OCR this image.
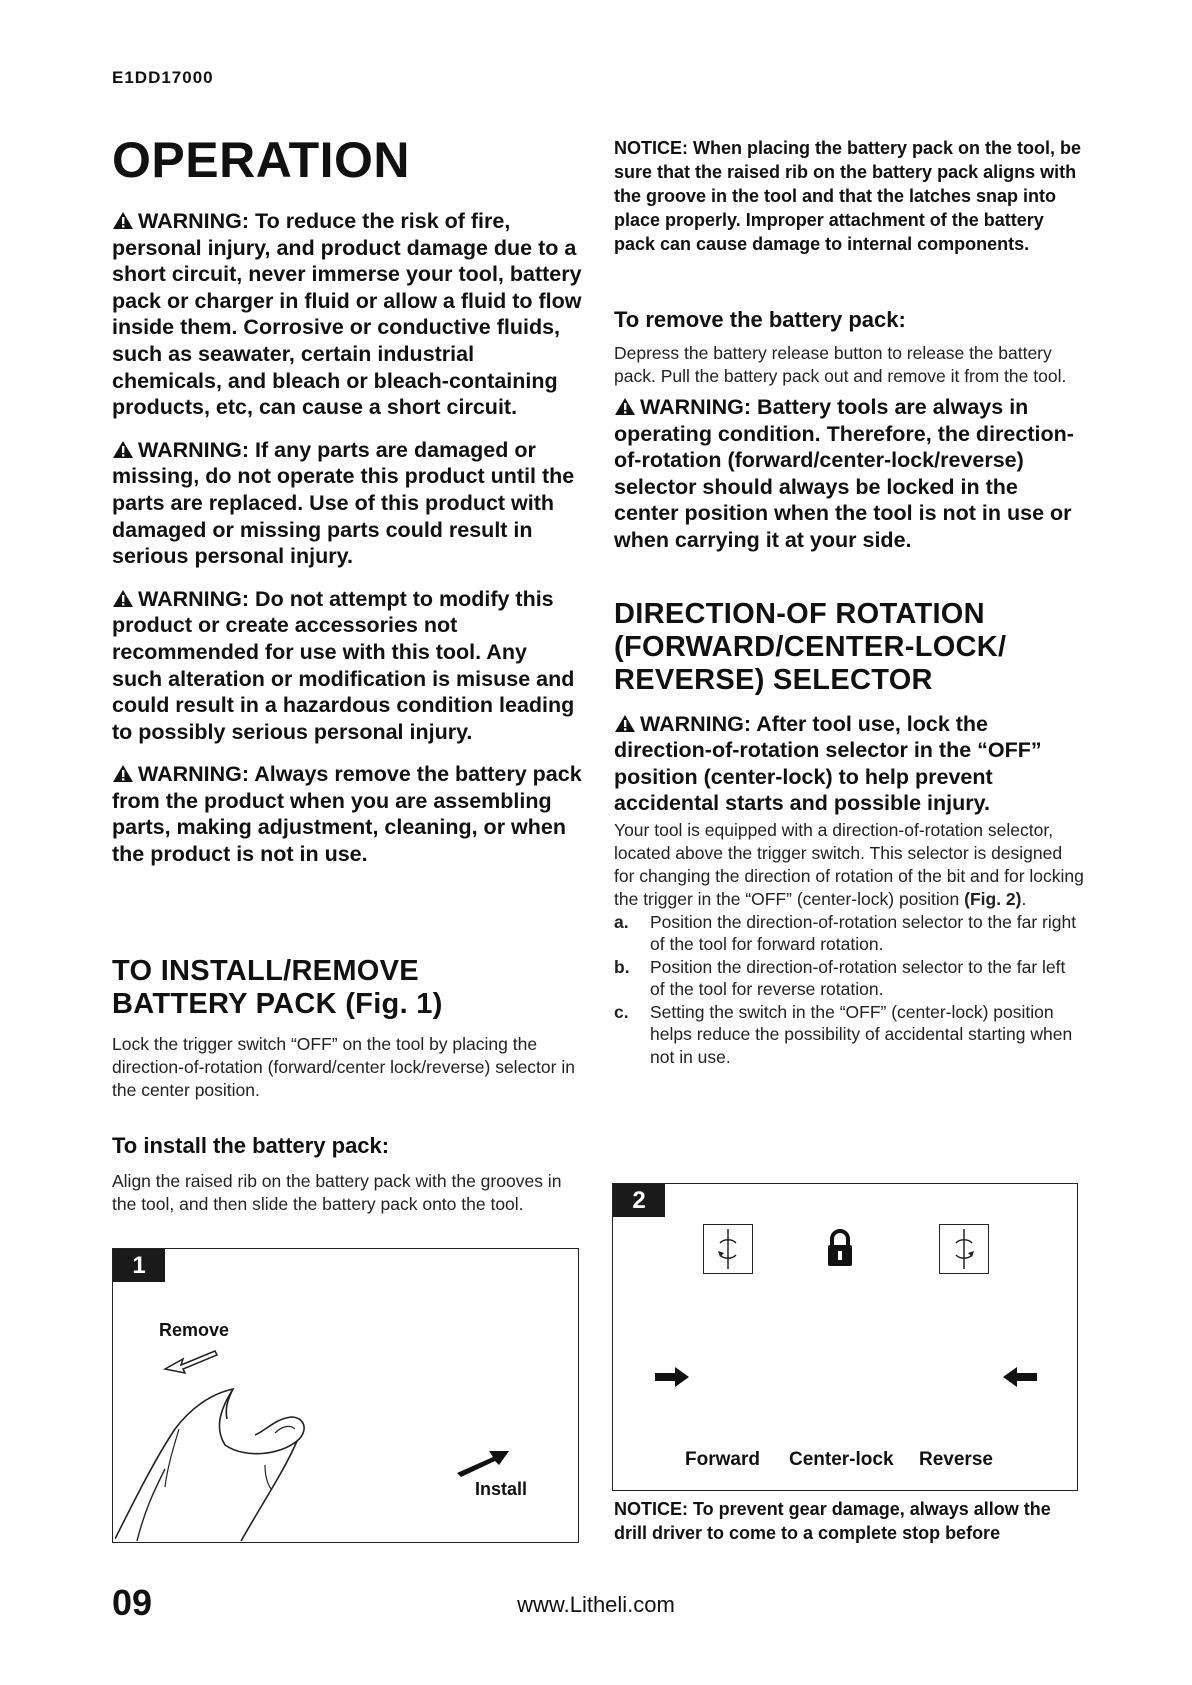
E1DD17000
OPERATION

WARNING: To reduce the risk of fire, personal injury, and product damage due to a short circuit, never immerse your tool, battery pack or charger in fluid or allow a fluid to flow inside them. Corrosive or conductive fluids, such as seawater, certain industrial chemicals, and bleach or bleach-containing products, etc, can cause a short circuit.

WARNING: If any parts are damaged or missing, do not operate this product until the parts are replaced. Use of this product with damaged or missing parts could result in serious personal injury.

WARNING: Do not attempt to modify this product or create accessories not recommended for use with this tool. Any such alteration or modification is misuse and could result in a hazardous condition leading to possibly serious personal injury.

WARNING: Always remove the battery pack from the product when you are assembling parts, making adjustment, cleaning, or when the product is not in use.

TO INSTALL/REMOVE
BATTERY PACK (Fig. 1)

Lock the trigger switch “OFF” on the tool by placing the direction-of-rotation (forward/center lock/reverse) selector in the center position.

To install the battery pack:

Align the raised rib on the battery pack with the grooves in the tool, and then slide the battery pack onto the tool.

1
Remove
Install

NOTICE: When placing the battery pack on the tool, be sure that the raised rib on the battery pack aligns with the groove in the tool and that the latches snap into place properly. Improper attachment of the battery pack can cause damage to internal components.

To remove the battery pack:

Depress the battery release button to release the battery pack. Pull the battery pack out and remove it from the tool.

WARNING: Battery tools are always in operating condition. Therefore, the direction-of-rotation (forward/center-lock/reverse) selector should always be locked in the center position when the tool is not in use or when carrying it at your side.

DIRECTION-OF ROTATION
(FORWARD/CENTER-LOCK/
REVERSE) SELECTOR

WARNING: After tool use, lock the direction-of-rotation selector in the “OFF” position (center-lock) to help prevent accidental starts and possible injury.

Your tool is equipped with a direction-of-rotation selector, located above the trigger switch. This selector is designed for changing the direction of rotation of the bit and for locking the trigger in the “OFF” (center-lock) position (Fig. 2).

a. Position the direction-of-rotation selector to the far right of the tool for forward rotation.
b. Position the direction-of-rotation selector to the far left of the tool for reverse rotation.
c. Setting the switch in the “OFF” (center-lock) position helps reduce the possibility of accidental starting when not in use.
2
Forward Center-lock Reverse

NOTICE: To prevent gear damage, always allow the drill driver to come to a complete stop before

09	www.Litheli.com
